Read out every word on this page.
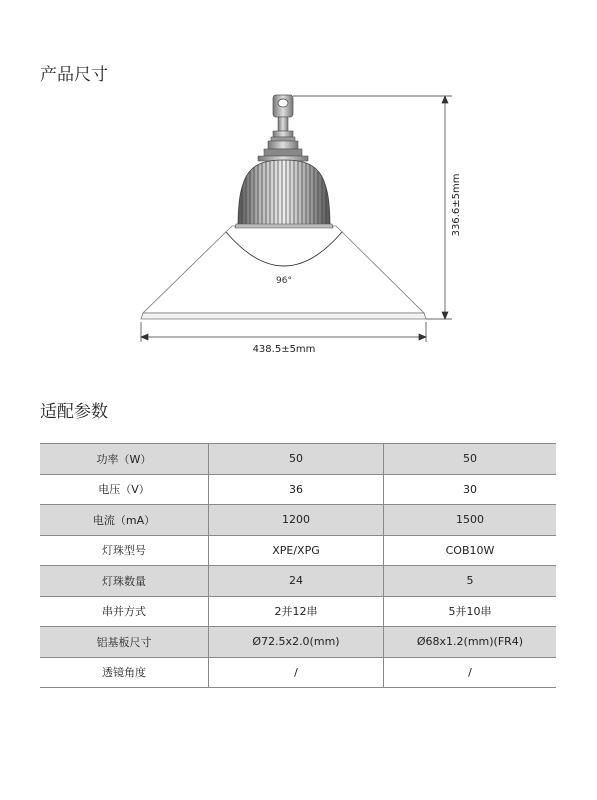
产品尺寸
96°
336.6±5mm
438.5±5mm
适配参数
功率（W）	50	50
电压（V）	36	30
电流（mA）	1200	1500
灯珠型号	XPE/XPG	COB10W
灯珠数量	24	5
串并方式	2并12串	5并10串
铝基板尺寸	Ø72.5x2.0(mm)	Ø68x1.2(mm)(FR4)
透镜角度	/	/
